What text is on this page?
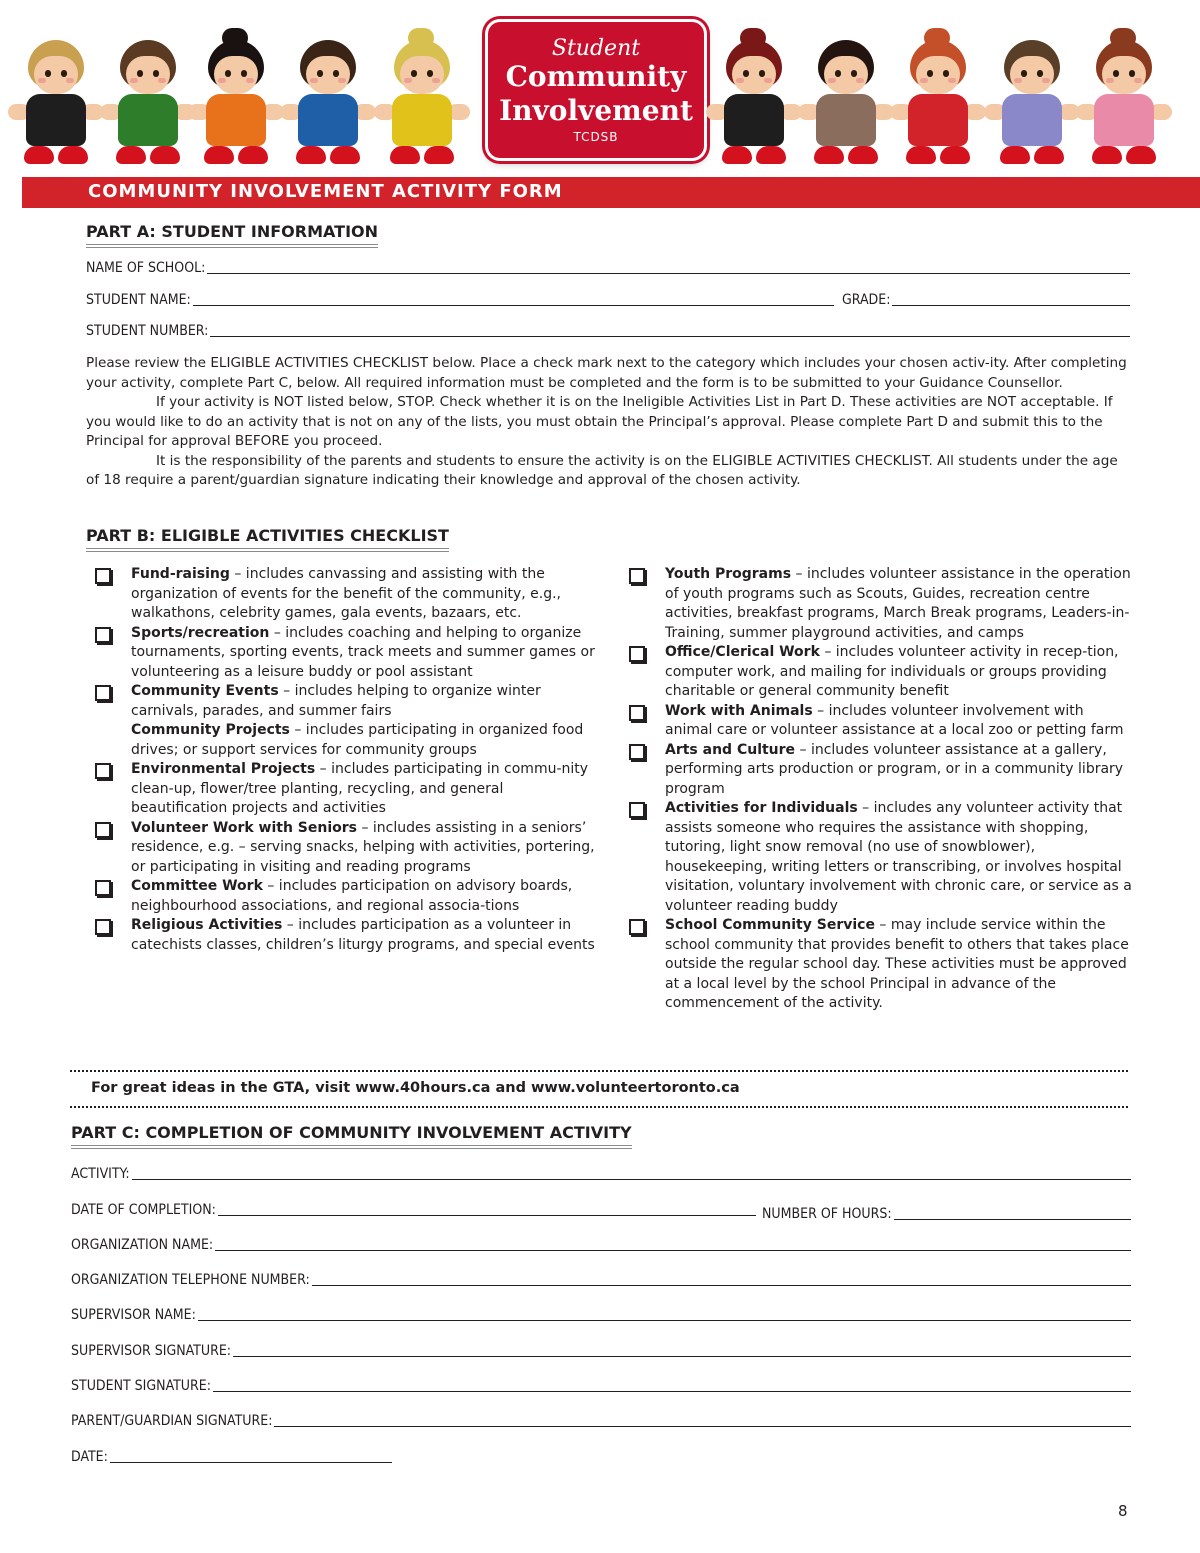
Student
Community
Involvement
TCDSB
COMMUNITY INVOLVEMENT ACTIVITY FORM
PART A: STUDENT INFORMATION
NAME OF SCHOOL:
STUDENT NAME:	GRADE:
STUDENT NUMBER:

Please review the ELIGIBLE ACTIVITIES CHECKLIST below. Place a check mark next to the category which includes your chosen activ-ity. After completing your activity, complete Part C, below. All required information must be completed and the form is to be submitted to your Guidance Counsellor.

If your activity is NOT listed below, STOP. Check whether it is on the Ineligible Activities List in Part D. These activities are NOT acceptable. If you would like to do an activity that is not on any of the lists, you must obtain the Principal’s approval. Please complete Part D and submit this to the Principal for approval BEFORE you proceed.

It is the responsibility of the parents and students to ensure the activity is on the ELIGIBLE ACTIVITIES CHECKLIST. All students under the age of 18 require a parent/guardian signature indicating their knowledge and approval of the chosen activity.

PART B: ELIGIBLE ACTIVITIES CHECKLIST
Fund-raising – includes canvassing and assisting with the organization of events for the benefit of the community, e.g., walkathons, celebrity games, gala events, bazaars, etc.
Sports/recreation – includes coaching and helping to organize tournaments, sporting events, track meets and summer games or volunteering as a leisure buddy or pool assistant
Community Events – includes helping to organize winter carnivals, parades, and summer fairs
Community Projects – includes participating in organized food drives; or support services for community groups
Environmental Projects – includes participating in commu-nity clean-up, flower/tree planting, recycling, and general beautification projects and activities
Volunteer Work with Seniors – includes assisting in a seniors’ residence, e.g. – serving snacks, helping with activities, portering, or participating in visiting and reading programs
Committee Work – includes participation on advisory boards, neighbourhood associations, and regional associa-tions
Religious Activities – includes participation as a volunteer in catechists classes, children’s liturgy programs, and special events
Youth Programs – includes volunteer assistance in the operation of youth programs such as Scouts, Guides, recreation centre activities, breakfast programs, March Break programs, Leaders-in-Training, summer playground activities, and camps
Office/Clerical Work – includes volunteer activity in recep-tion, computer work, and mailing for individuals or groups providing charitable or general community benefit
Work with Animals – includes volunteer involvement with animal care or volunteer assistance at a local zoo or petting farm
Arts and Culture – includes volunteer assistance at a gallery, performing arts production or program, or in a community library program
Activities for Individuals – includes any volunteer activity that assists someone who requires the assistance with shopping, tutoring, light snow removal (no use of snowblower), housekeeping, writing letters or transcribing, or involves hospital visitation, voluntary involvement with chronic care, or service as a volunteer reading buddy
School Community Service – may include service within the school community that provides benefit to others that takes place outside the regular school day. These activities must be approved at a local level by the school Principal in advance of the commencement of the activity.
For great ideas in the GTA, visit www.40hours.ca and www.volunteertoronto.ca
PART C: COMPLETION OF COMMUNITY INVOLVEMENT ACTIVITY
ACTIVITY:
DATE OF COMPLETION:	NUMBER OF HOURS:
ORGANIZATION NAME:
ORGANIZATION TELEPHONE NUMBER:
SUPERVISOR NAME:
SUPERVISOR SIGNATURE:
STUDENT SIGNATURE:
PARENT/GUARDIAN SIGNATURE:
DATE:
8
